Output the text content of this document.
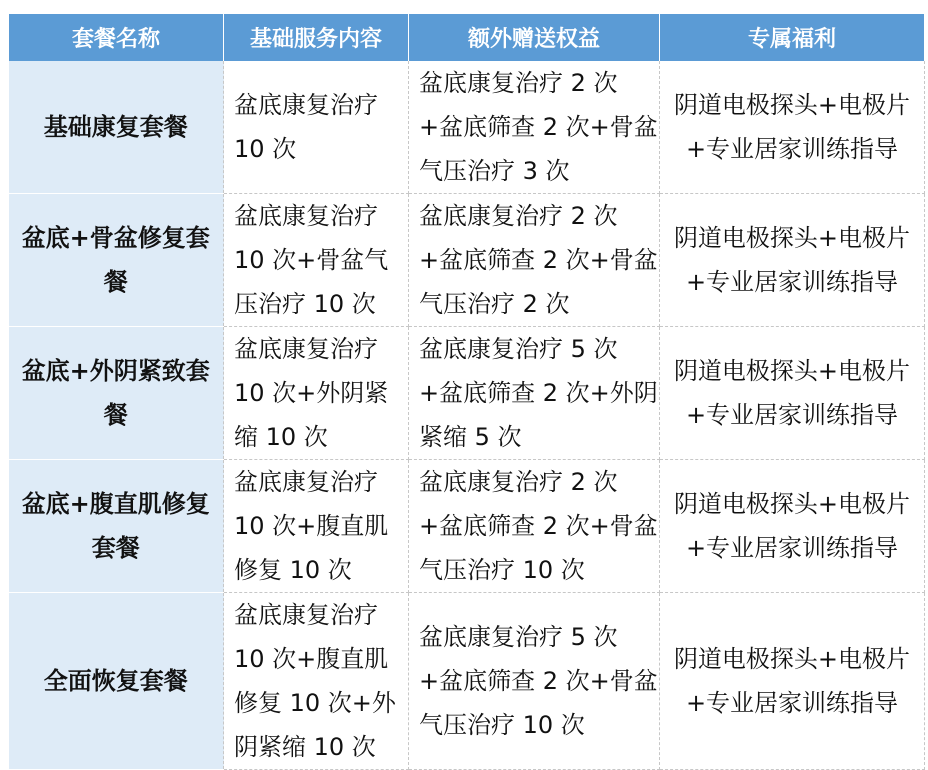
套餐名称	基础服务内容	额外赠送权益	专属福利
基础康复套餐	盆底康复治疗 10 次	盆底康复治疗 2 次+盆底筛查 2 次+骨盆气压治疗 3 次	阴道电极探头+电极片+专业居家训练指导
盆底+骨盆修复套餐	盆底康复治疗 10 次+骨盆气压治疗 10 次	盆底康复治疗 2 次+盆底筛查 2 次+骨盆气压治疗 2 次	阴道电极探头+电极片+专业居家训练指导
盆底+外阴紧致套餐	盆底康复治疗 10 次+外阴紧缩 10 次	盆底康复治疗 5 次+盆底筛查 2 次+外阴紧缩 5 次	阴道电极探头+电极片+专业居家训练指导
盆底+腹直肌修复套餐	盆底康复治疗 10 次+腹直肌修复 10 次	盆底康复治疗 2 次+盆底筛查 2 次+骨盆气压治疗 10 次	阴道电极探头+电极片+专业居家训练指导
全面恢复套餐	盆底康复治疗 10 次+腹直肌修复 10 次+外阴紧缩 10 次	盆底康复治疗 5 次+盆底筛查 2 次+骨盆气压治疗 10 次	阴道电极探头+电极片+专业居家训练指导
